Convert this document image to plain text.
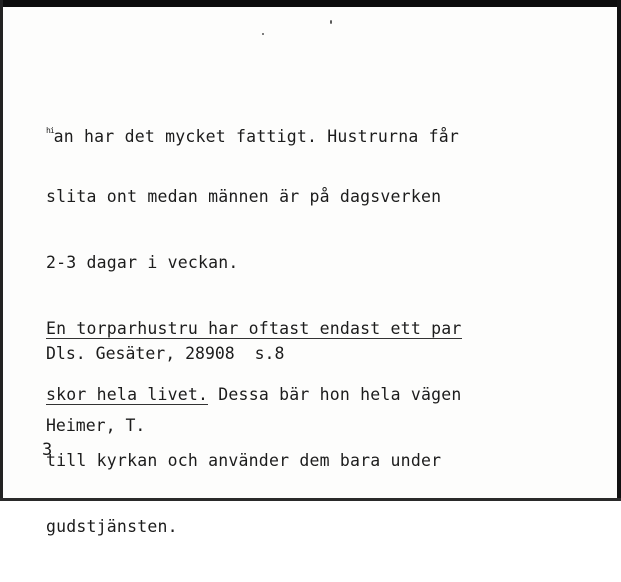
$^{hi}$an har det mycket fattigt. Hustrurna får

slita ont medan männen är på dagsverken

2-3 dagar i veckan.

En torparhustru har oftast endast ett par

skor hela livet. Dessa bär hon hela vägen

till kyrkan och använder dem bara under

gudstjänsten.

Dls. Gesäter, 28908  s.8

Heimer, T.

3
